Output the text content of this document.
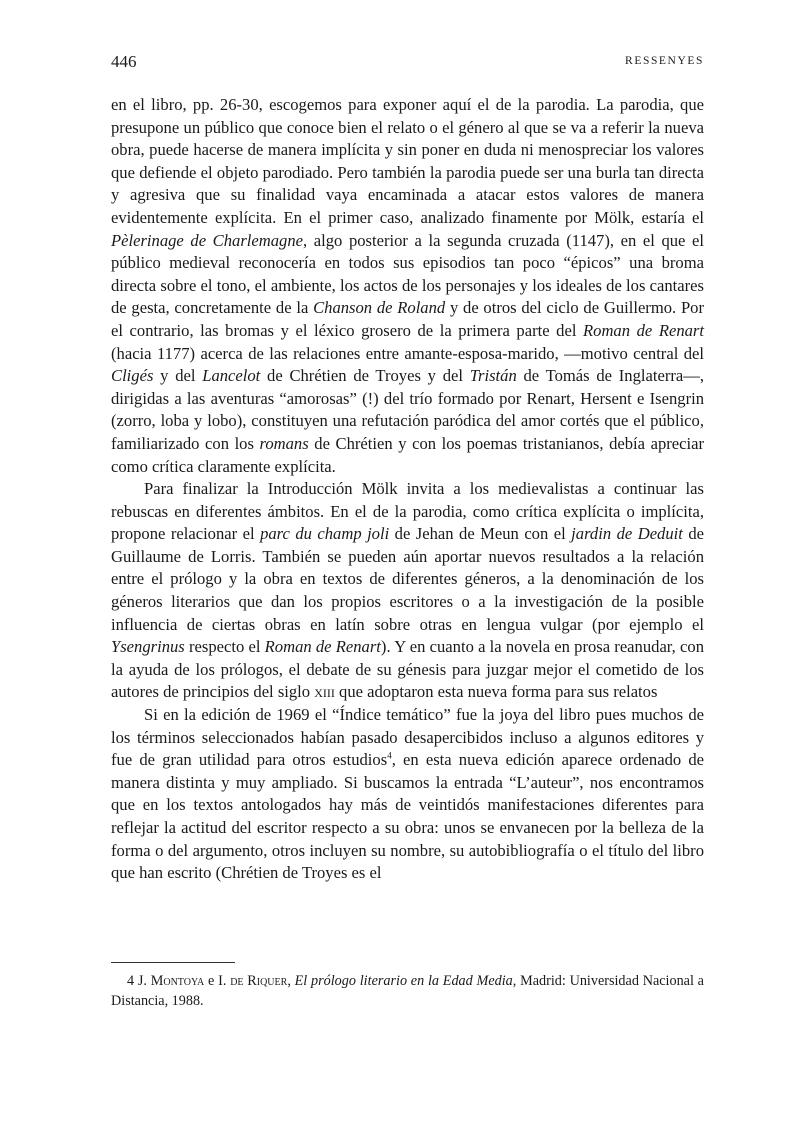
446	RESSENYES

en el libro, pp. 26-30, escogemos para exponer aquí el de la parodia. La parodia, que presupone un público que conoce bien el relato o el género al que se va a referir la nueva obra, puede hacerse de manera implícita y sin poner en duda ni menospreciar los valores que defiende el objeto parodiado. Pero también la parodia puede ser una burla tan directa y agresiva que su finalidad vaya encaminada a atacar estos valores de manera evidentemente explícita. En el primer caso, analizado finamente por Mölk, estaría el Pèlerinage de Charlemagne, algo posterior a la segunda cruzada (1147), en el que el público medieval reconocería en todos sus episodios tan poco “épicos” una broma directa sobre el tono, el ambiente, los actos de los personajes y los ideales de los cantares de gesta, concretamente de la Chanson de Roland y de otros del ciclo de Guillermo. Por el contrario, las bromas y el léxico grosero de la primera parte del Roman de Renart (hacia 1177) acerca de las relaciones entre amante-esposa-marido, —motivo central del Cligés y del Lancelot de Chrétien de Troyes y del Tristán de Tomás de Inglaterra—, dirigidas a las aventuras “amorosas” (!) del trío formado por Renart, Hersent e Isengrin (zorro, loba y lobo), constituyen una refutación paródica del amor cortés que el público, familiarizado con los romans de Chrétien y con los poemas tristanianos, debía apreciar como crítica claramente explícita.

Para finalizar la Introducción Mölk invita a los medievalistas a continuar las rebuscas en diferentes ámbitos. En el de la parodia, como crítica explícita o implícita, propone relacionar el parc du champ joli de Jehan de Meun con el jardin de Deduit de Guillaume de Lorris. También se pueden aún aportar nuevos resultados a la relación entre el prólogo y la obra en textos de diferentes géneros, a la denominación de los géneros literarios que dan los propios escritores o a la investigación de la posible influencia de ciertas obras en latín sobre otras en lengua vulgar (por ejemplo el Ysengrinus respecto el Roman de Renart). Y en cuanto a la novela en prosa reanudar, con la ayuda de los prólogos, el debate de su génesis para juzgar mejor el cometido de los autores de principios del siglo xiii que adoptaron esta nueva forma para sus relatos

Si en la edición de 1969 el “Índice temático” fue la joya del libro pues muchos de los términos seleccionados habían pasado desapercibidos incluso a algunos editores y fue de gran utilidad para otros estudios$^4$, en esta nueva edición aparece ordenado de manera distinta y muy ampliado. Si buscamos la entrada “L’auteur”, nos encontramos que en los textos antologados hay más de veintidós manifestaciones diferentes para reflejar la actitud del escritor respecto a su obra: unos se envanecen por la belleza de la forma o del argumento, otros incluyen su nombre, su autobibliografía o el título del libro que han escrito (Chrétien de Troyes es el

4 J. Montoya e I. de Riquer, El prólogo literario en la Edad Media, Madrid: Universidad Nacional a Distancia, 1988.
